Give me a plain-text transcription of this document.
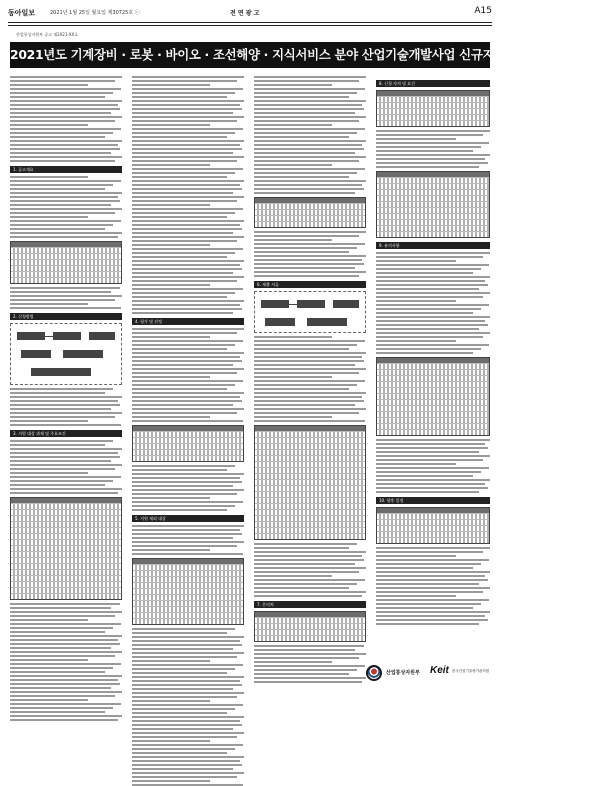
동아일보	2021년 1월 25일 월요일 제30725호 ⓒ	전 면 광 고	A15
산업통상자원부 공고 제2021-XX호
2021년도 기계장비 · 로봇 · 바이오 · 조선해양 · 지식서비스 분야 산업기술개발사업 신규지원 대상과제 통합 공고
1. 공고개요
2. 신청방법
3. 지원 대상 과제 및 주요조건
4. 평가 및 선정
5. 지원 제외 대상
6. 제출 서류
7. 문의처
8. 신청 자격 및 요건
9. 유의사항
10. 향후 일정
산업통상자원부 Keit 한국산업기술평가관리원
